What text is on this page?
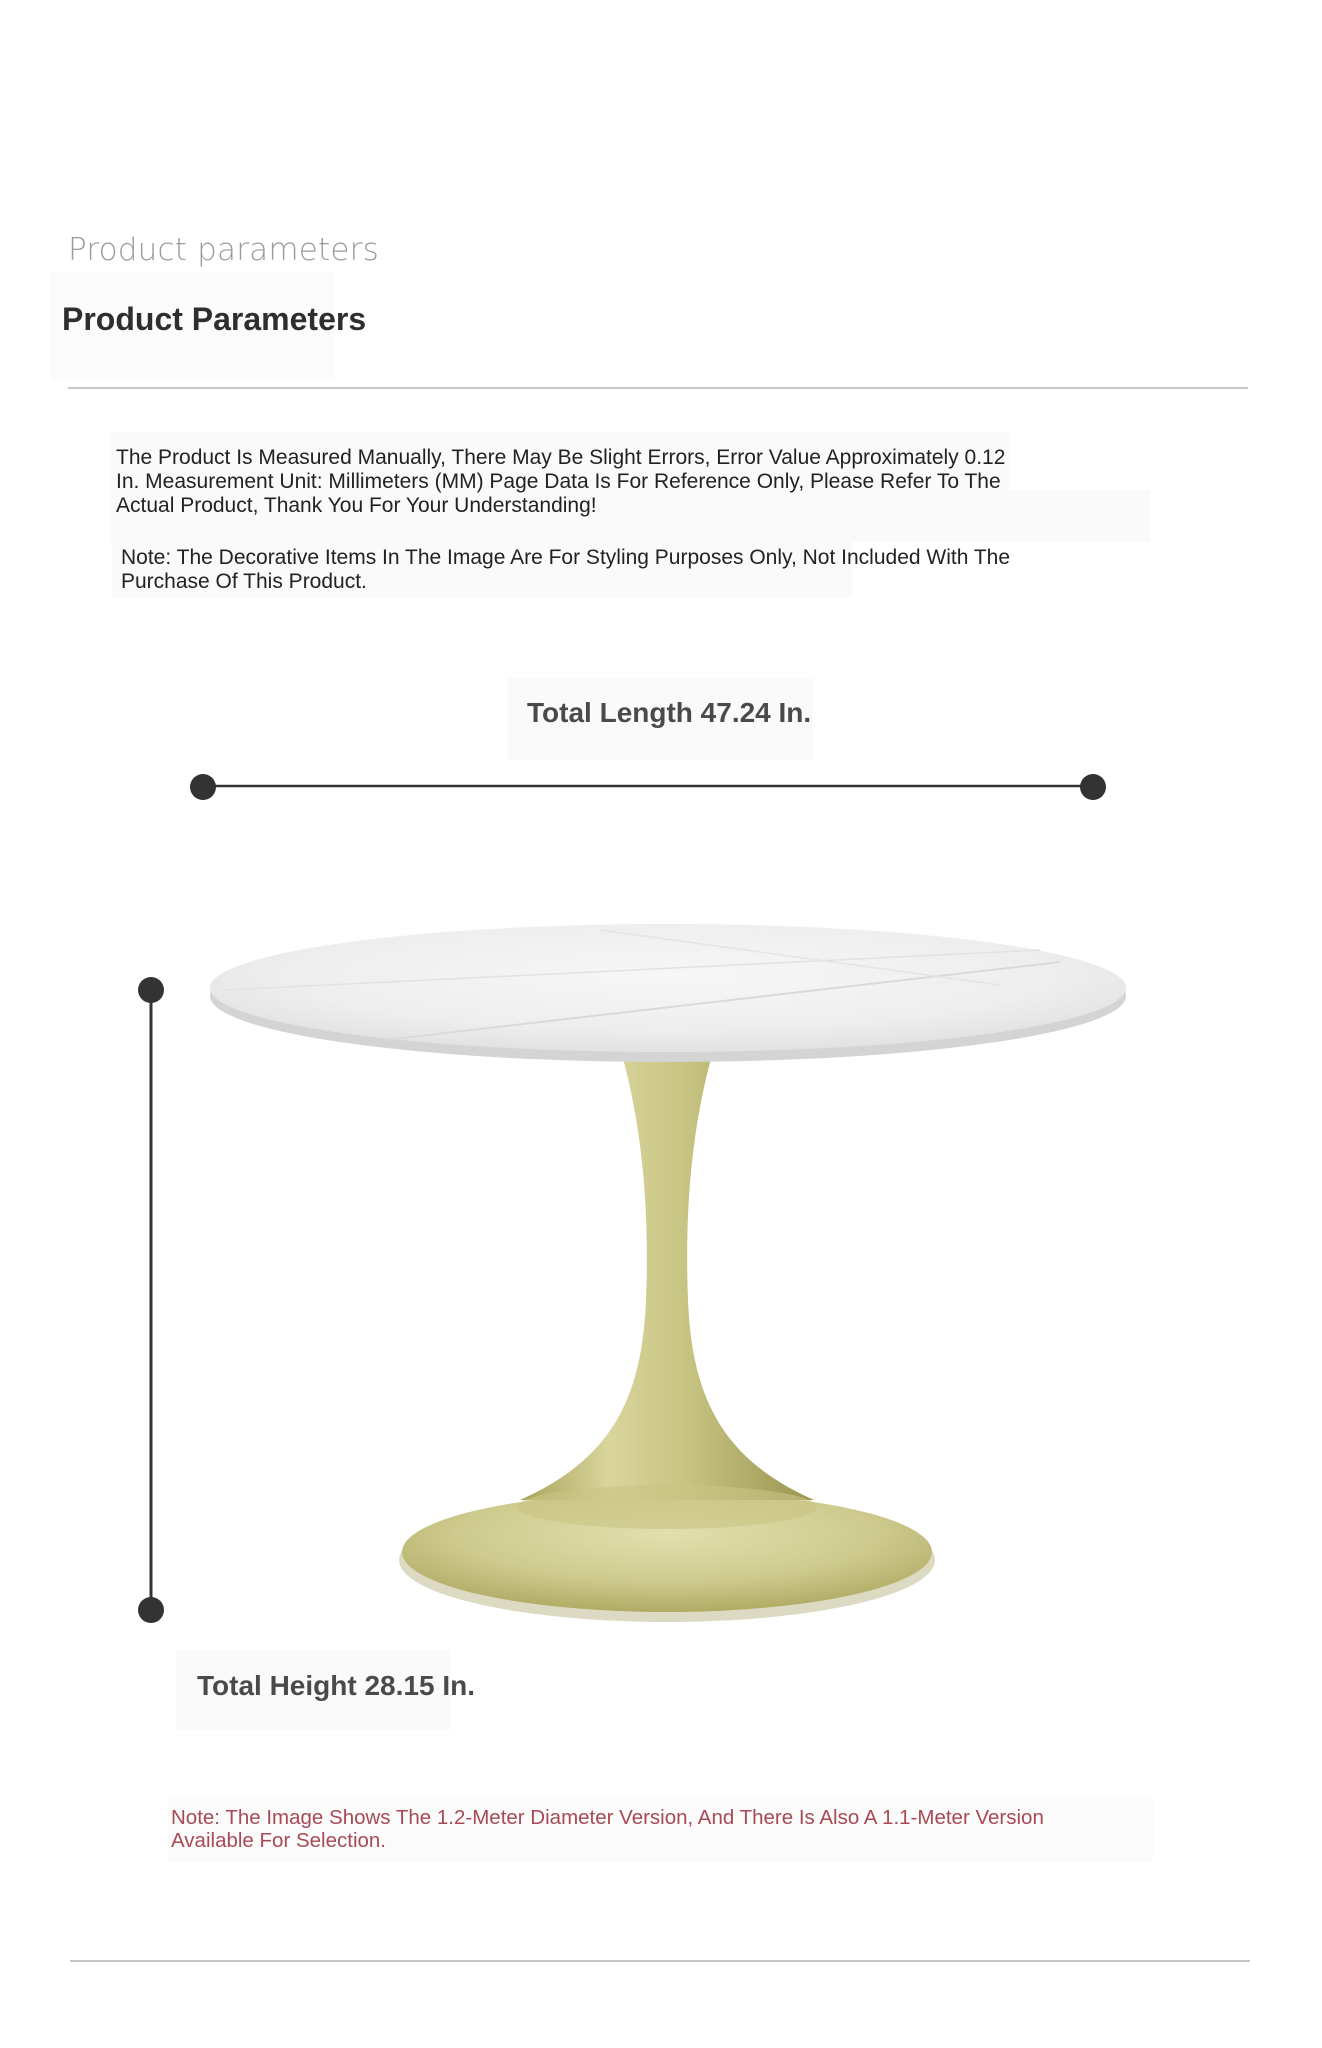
Product parameters
Product Parameters
The Product Is Measured Manually, There May Be Slight Errors, Error Value Approximately 0.12 In. Measurement Unit: Millimeters (MM) Page Data Is For Reference Only, Please Refer To The Actual Product, Thank You For Your Understanding!
Note: The Decorative Items In The Image Are For Styling Purposes Only, Not Included With The Purchase Of This Product.
Total Length 47.24 In.
Total Height 28.15 In.
Note: The Image Shows The 1.2-Meter Diameter Version, And There Is Also A 1.1-Meter Version Available For Selection.
